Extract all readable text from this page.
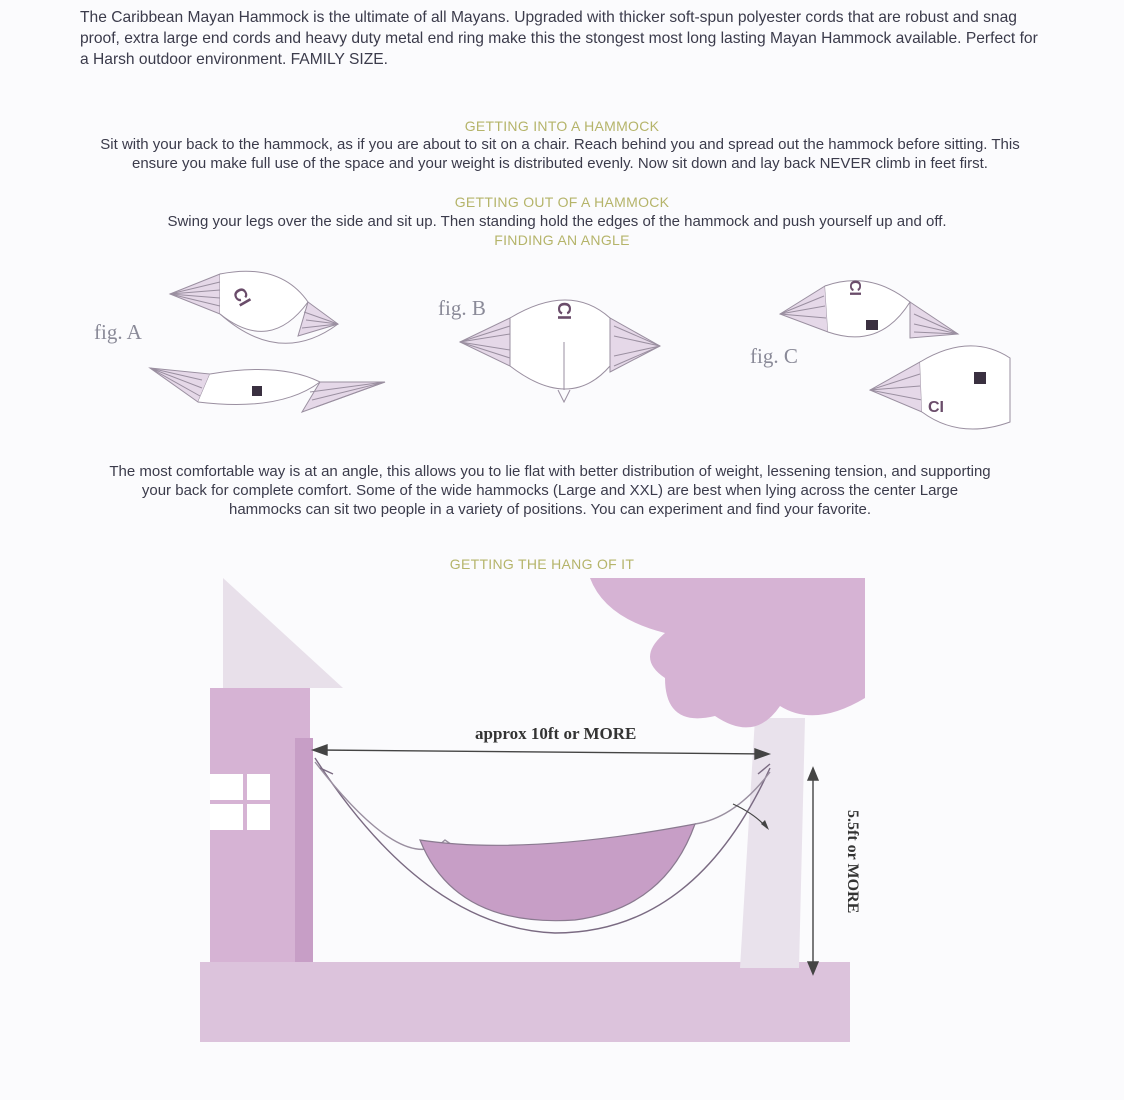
The Caribbean Mayan Hammock is the ultimate of all Mayans. Upgraded with thicker soft-spun polyester cords that are robust and snag proof, extra large end cords and heavy duty metal end ring make this the stongest most long lasting Mayan Hammock available. Perfect for a Harsh outdoor environment. FAMILY SIZE.
GETTING INTO A HAMMOCK
Sit with your back to the hammock, as if you are about to sit on a chair. Reach behind you and spread out the hammock before sitting. This ensure you make full use of the space and your weight is distributed evenly. Now sit down and lay back NEVER climb in feet first.
GETTING OUT OF A HAMMOCK
Swing your legs over the side and sit up. Then standing hold the edges of the hammock and push yourself up and off.
FINDING AN ANGLE
fig. A
fig. B
fig. C
CI
CI
CI
CI
The most comfortable way is at an angle, this allows you to lie flat with better distribution of weight, lessening tension, and supporting your back for complete comfort. Some of the wide hammocks (Large and XXL) are best when lying across the center Large hammocks can sit two people in a variety of positions. You can experiment and find your favorite.
GETTING THE HANG OF IT
approx 10ft or MORE
5.5ft or MORE
